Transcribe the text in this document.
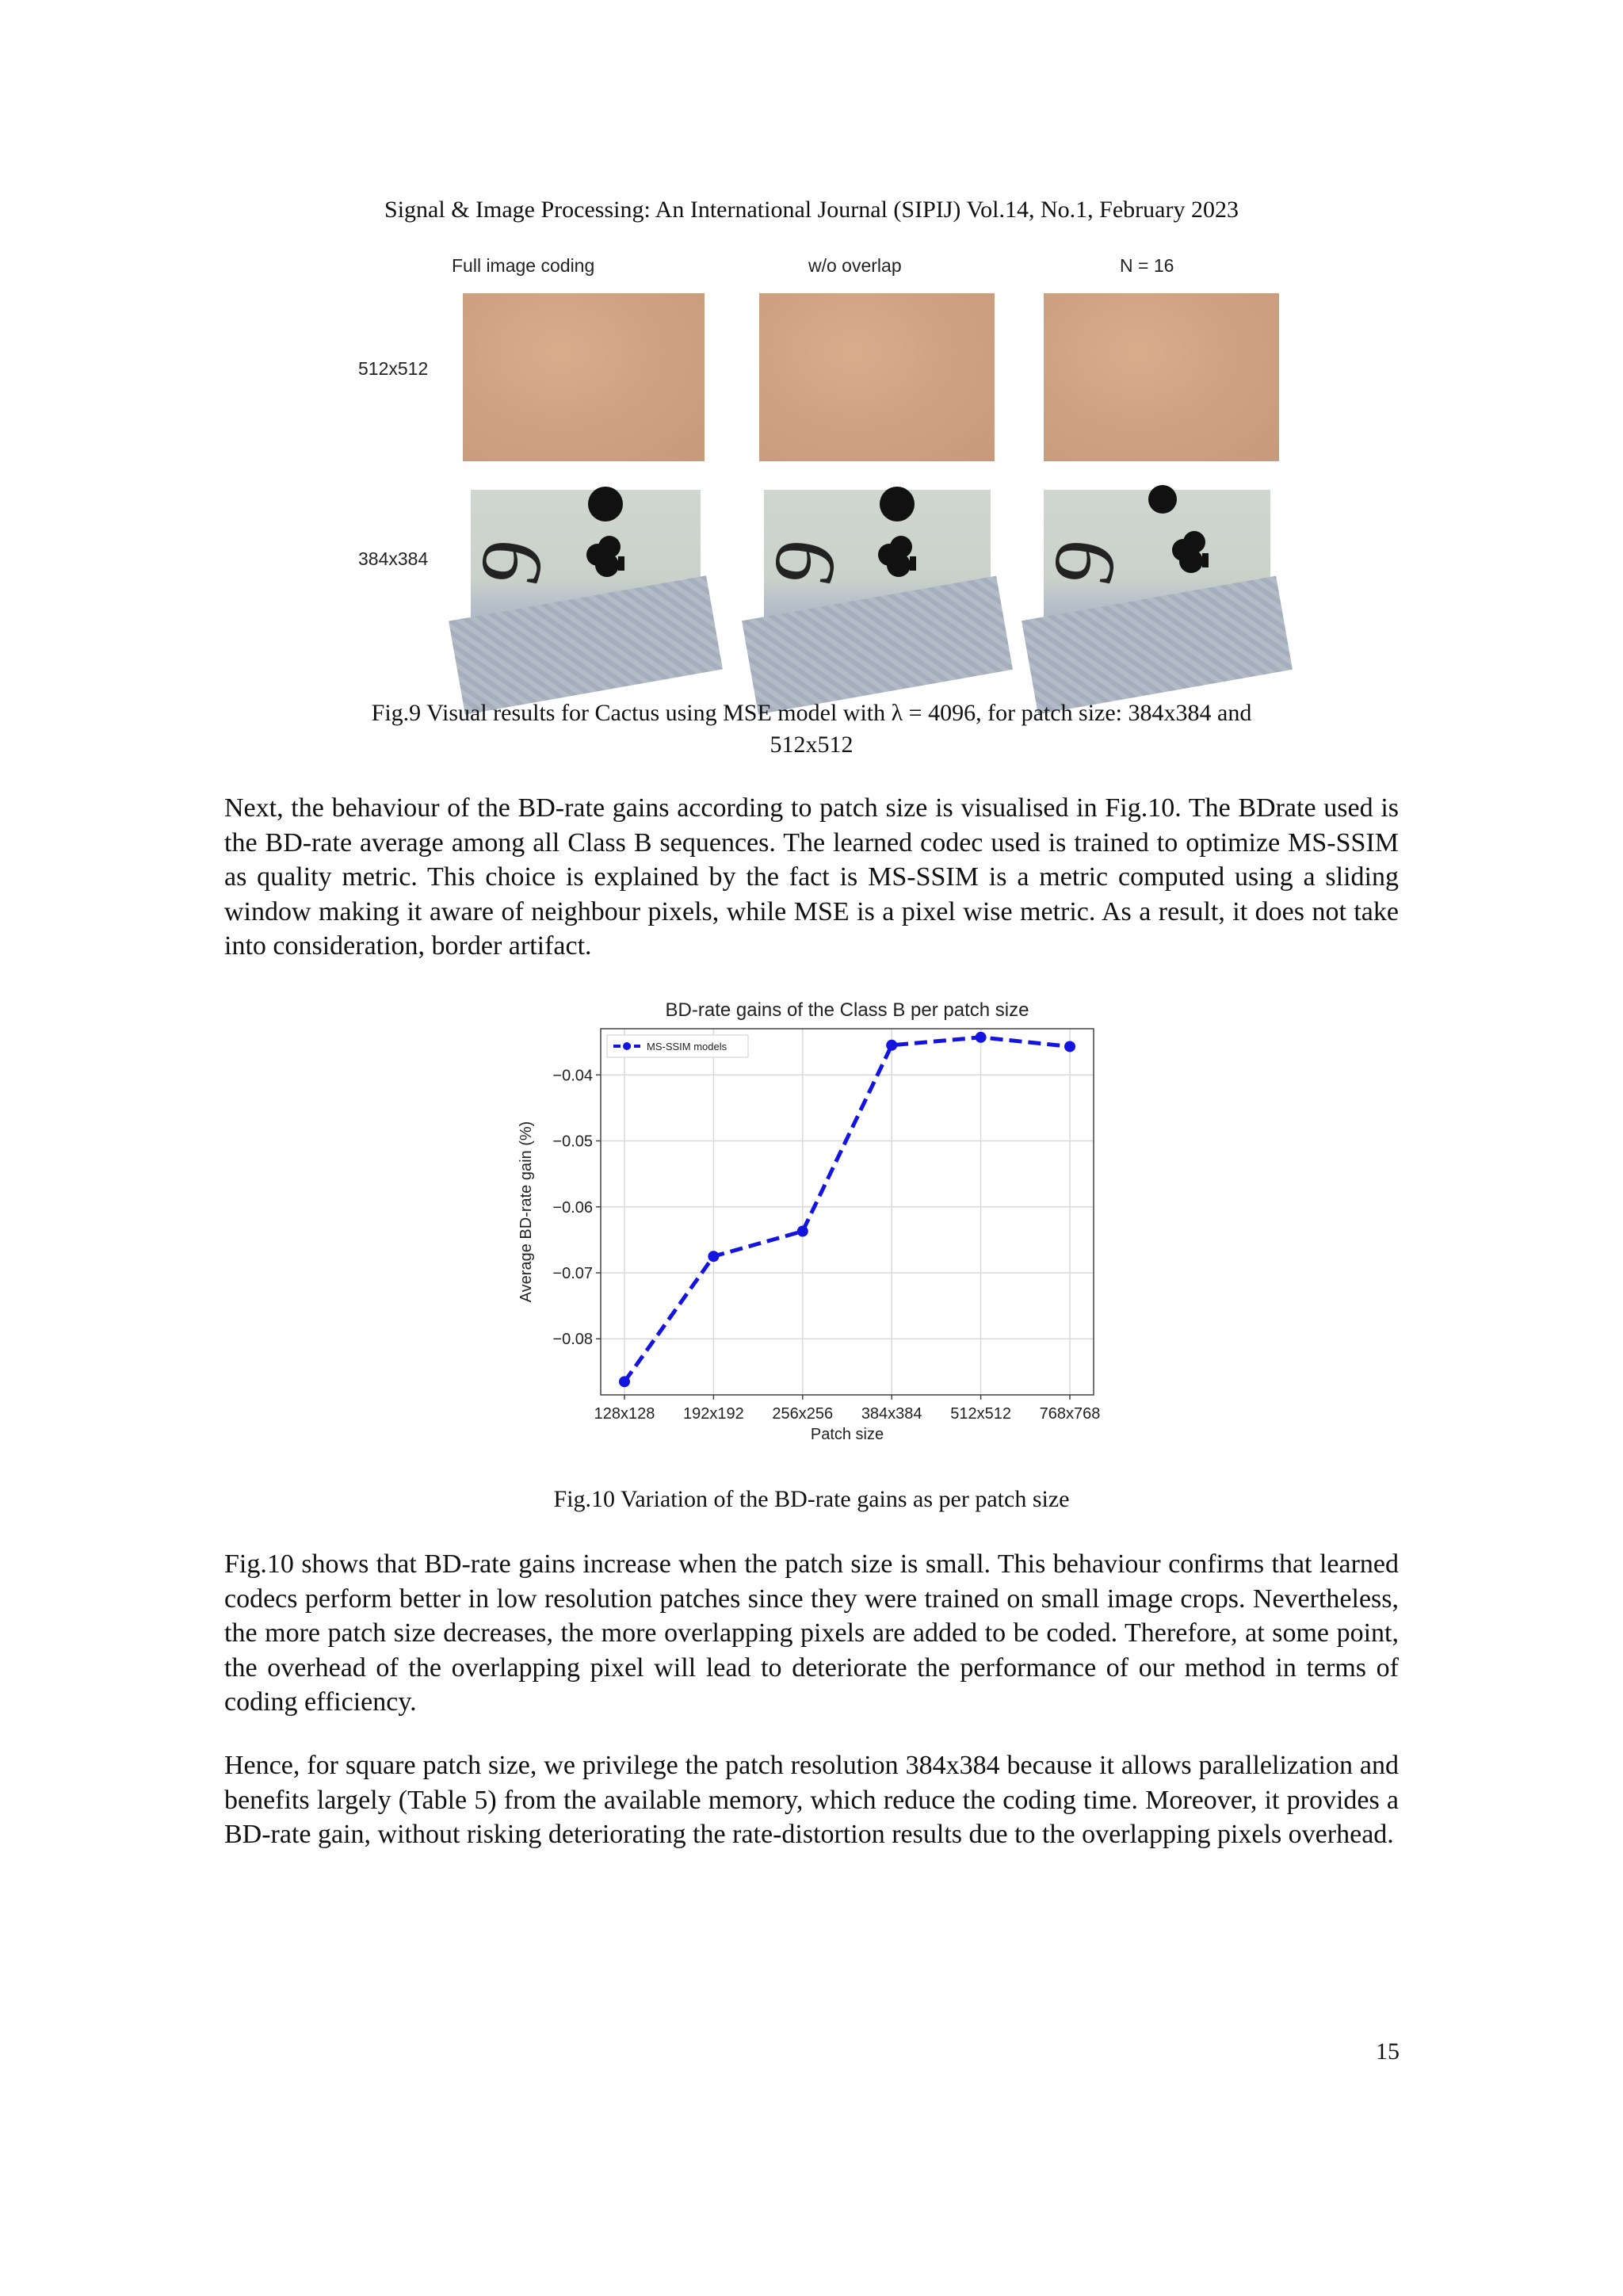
Signal & Image Processing: An International Journal (SIPIJ) Vol.14, No.1, February 2023
Full image coding	w/o overlap	N = 16
512x512
384x384 9 9 9
Fig.9 Visual results for Cactus using MSE model with λ = 4096, for patch size: 384x384 and
512x512

Next, the behaviour of the BD-rate gains according to patch size is visualised in Fig.10. The BDrate used is the BD-rate average among all Class B sequences. The learned codec used is trained to optimize MS-SSIM as quality metric. This choice is explained by the fact is MS-SSIM is a metric computed using a sliding window making it aware of neighbour pixels, while MSE is a pixel wise metric. As a result, it does not take into consideration, border artifact.

BD-rate gains of the Class B per patch size
−0.08
−0.07
−0.06
−0.05
−0.04
128x128 192x192 256x256 384x384 512x512 768x768
Patch size
Average BD-rate gain (%)
MS-SSIM models
Fig.10 Variation of the BD-rate gains as per patch size

Fig.10 shows that BD-rate gains increase when the patch size is small. This behaviour confirms that learned codecs perform better in low resolution patches since they were trained on small image crops. Nevertheless, the more patch size decreases, the more overlapping pixels are added to be coded. Therefore, at some point, the overhead of the overlapping pixel will lead to deteriorate the performance of our method in terms of coding efficiency.

Hence, for square patch size, we privilege the patch resolution 384x384 because it allows parallelization and benefits largely (Table 5) from the available memory, which reduce the coding time. Moreover, it provides a BD-rate gain, without risking deteriorating the rate-distortion results due to the overlapping pixels overhead.

15
